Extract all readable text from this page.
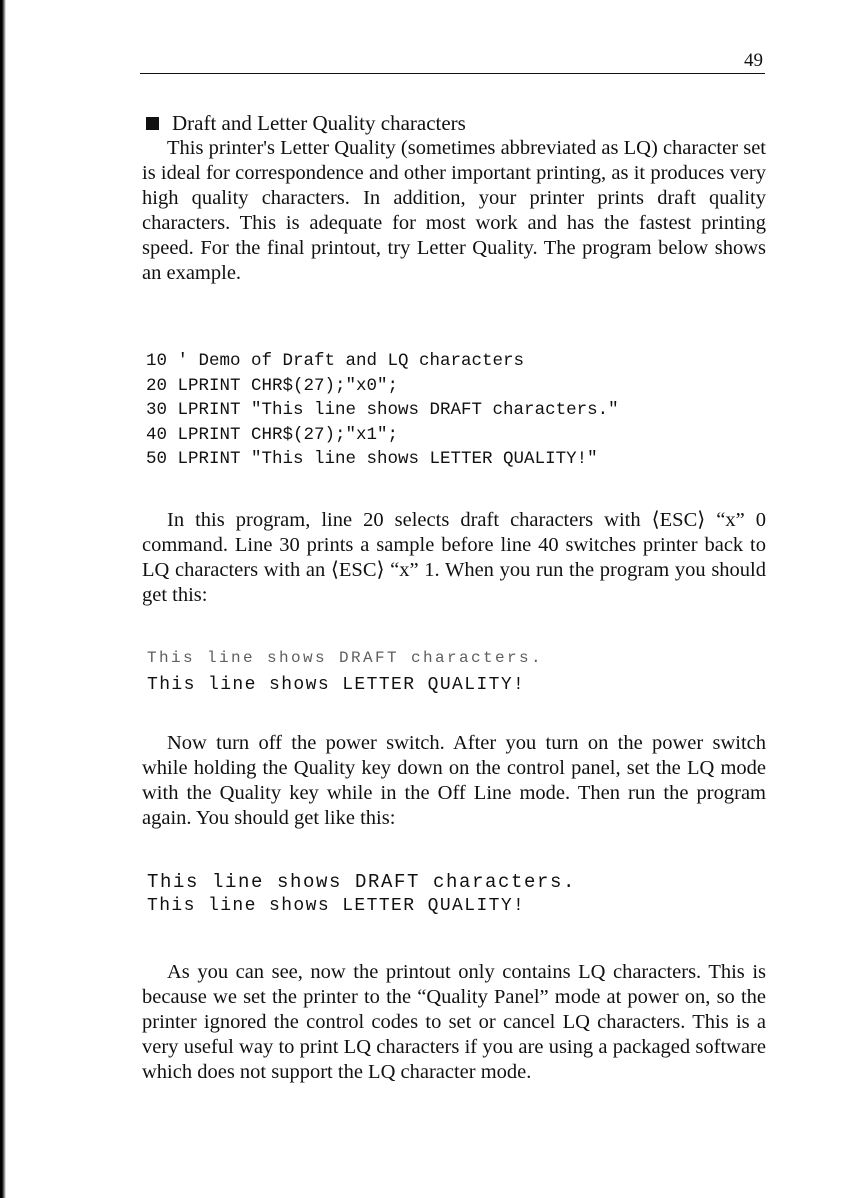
49
Draft and Letter Quality characters

This printer's Letter Quality (sometimes abbreviated as LQ) character set is ideal for correspondence and other important printing, as it produces very high quality characters. In addition, your printer prints draft quality characters. This is adequate for most work and has the fastest printing speed. For the final printout, try Letter Quality. The program below shows an example.

10 ' Demo of Draft and LQ characters
20 LPRINT CHR$(27);"x0";
30 LPRINT "This line shows DRAFT characters."
40 LPRINT CHR$(27);"x1";
50 LPRINT "This line shows LETTER QUALITY!"

In this program, line 20 selects draft characters with ⟨ESC⟩ “x” 0 command. Line 30 prints a sample before line 40 switches printer back to LQ characters with an ⟨ESC⟩ “x” 1. When you run the program you should get this:

This line shows DRAFT characters.
This line shows LETTER QUALITY!

Now turn off the power switch. After you turn on the power switch while holding the Quality key down on the control panel, set the LQ mode with the Quality key while in the Off Line mode. Then run the program again. You should get like this:

This line shows DRAFT characters.
This line shows LETTER QUALITY!

As you can see, now the printout only contains LQ characters. This is because we set the printer to the “Quality Panel” mode at power on, so the printer ignored the control codes to set or cancel LQ characters. This is a very useful way to print LQ characters if you are using a packaged software which does not support the LQ character mode.
